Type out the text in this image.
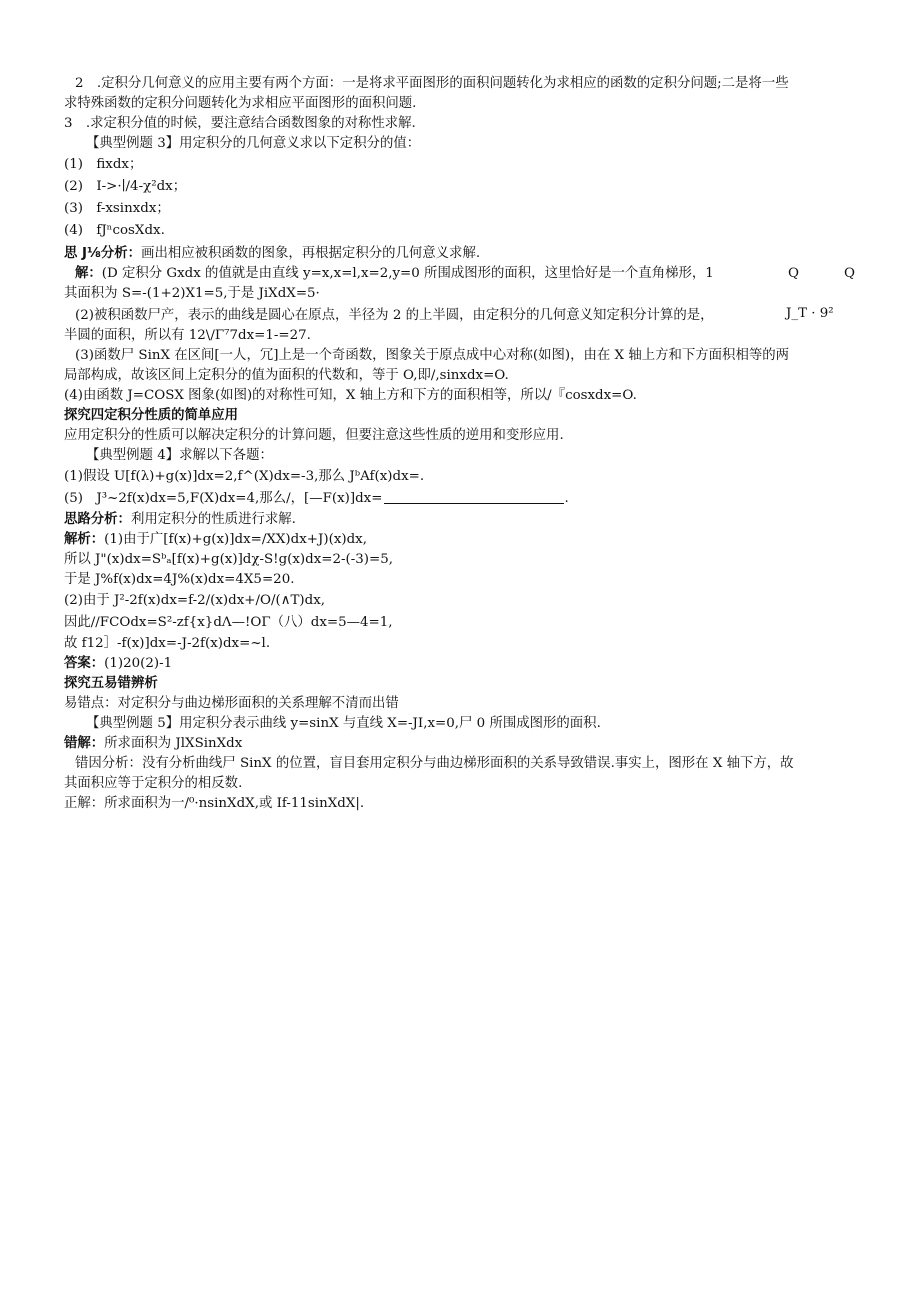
2　.定积分几何意义的应用主要有两个方面：一是将求平面图形的面积问题转化为求相应的函数的定积分问题;二是将一些
求特殊函数的定积分问题转化为求相应平面图形的面积问题.
3　.求定积分值的时候，要注意结合函数图象的对称性求解.
【典型例题 3】用定积分的几何意义求以下定积分的值：
(1)　fixdx；
(2)　I->·∣/4-χ²dx；
(3)　f-xsinxdx；
(4)　fJⁿcosXdx.
思 J⅛分析：画出相应被积函数的图象，再根据定积分的几何意义求解.
解：(D 定积分 Gxdx 的值就是由直线 y=x,x=l,x=2,y=0 所围成图形的面积，这里恰好是一个直角梯形，1	Q	Q
其面积为 S=-(1+2)X1=5,于是 JiXdX=5·
(2)被积函数尸产，表示的曲线是圆心在原点，半径为 2 的上半圆，由定积分的几何意义知定积分计算的是，	J_T · 9²
半圆的面积，所以有 12\/Γ⁷7dx=1-=27.
(3)函数尸 SinX 在区间[一人，冗]上是一个奇函数，图象关于原点成中心对称(如图)，由在 X 轴上方和下方面积相等的两
局部构成，故该区间上定积分的值为面积的代数和，等于 O,即/,sinxdx=O.
(4)由函数 J=COSX 图象(如图)的对称性可知，X 轴上方和下方的面积相等，所以/『cosxdx=O.
探究四定积分性质的简单应用
应用定积分的性质可以解决定积分的计算问题，但要注意这些性质的逆用和变形应用.
【典型例题 4】求解以下各题：
(1)假设 U[f(λ)+g(x)]dx=2,f^(X)dx=-3,那么 JᵇAf(x)dx=.
(5)　J³~2f(x)dx=5,F(X)dx=4,那么/，[—F(x)]dx=	.
思路分析：利用定积分的性质进行求解.
解析：(1)由于广[f(x)+g(x)]dx=/XX)dx+J)(x)dx,
所以 J"(x)dx=Sᵇₐ[f(x)+g(x)]dχ-S!g(x)dx=2-(-3)=5,
于是 J%f(x)dx=4J%(x)dx=4X5=20.
(2)由于 J²-2f(x)dx=f-2/(x)dx+/O∕(∧T)dx,
因此//FCOdx=S²-zf{x}dΛ—!OΓ（八）dx=5—4=1,
故 f12］-f(x)]dx=-J-2f(x)dx=~l.
答案：(1)20(2)-1
探究五易错辨析
易错点：对定积分与曲边梯形面积的关系理解不清而出错
【典型例题 5】用定积分表示曲线 y=sinX 与直线 X=-JI,x=0,尸 0 所围成图形的面积.
错解：所求面积为 JlXSinXdx
错因分析：没有分析曲线尸 SinX 的位置，盲目套用定积分与曲边梯形面积的关系导致错误.事实上，图形在 X 轴下方，故
其面积应等于定积分的相反数.
正解：所求面积为一∕⁰·nsinXdX,或 If-11sinXdX|.
